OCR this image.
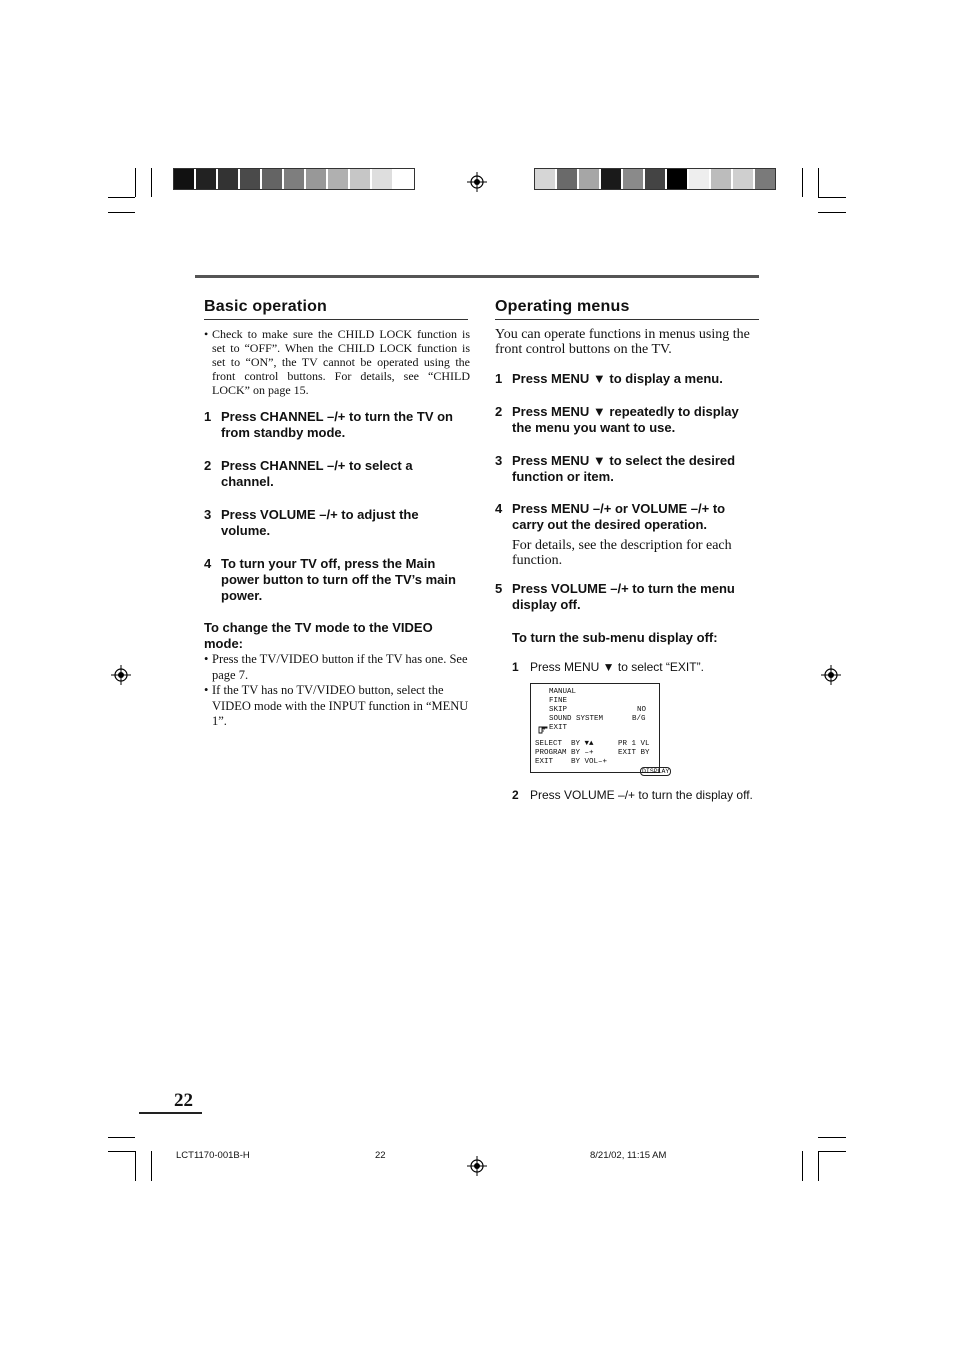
Basic operation
• Check to make sure the CHILD LOCK function is set to “OFF”. When the CHILD LOCK function is set to “ON”, the TV cannot be operated using the front control buttons. For details, see “CHILD LOCK” on page 15.
1 Press CHANNEL –/+ to turn the TV on from standby mode.
2 Press CHANNEL –/+ to select a channel.
3 Press VOLUME –/+ to adjust the volume.
4 To turn your TV off, press the Main power button to turn off the TV’s main power.
To change the TV mode to the VIDEO mode:
• Press the TV/VIDEO button if the TV has one. See page 7.
• If the TV has no TV/VIDEO button, select the VIDEO mode with the INPUT function in “MENU 1”.
Operating menus
You can operate functions in menus using the front control buttons on the TV.
1 Press MENU ▼ to display a menu.
2 Press MENU ▼ repeatedly to display the menu you want to use.
3 Press MENU ▼ to select the desired function or item.
4 Press MENU –/+ or VOLUME –/+ to carry out the desired operation.
For details, see the description for each function.
5 Press VOLUME –/+ to turn the menu display off.
To turn the sub-menu display off:
1 Press MENU ▼ to select “EXIT”.
MANUAL
FINE
SKIP	NO
SOUND SYSTEM	B/G
EXIT
SELECT  BY ▼▲	PR 1 VL
PROGRAM BY –+	EXIT BY
EXIT    BY VOL–+

DISPLAY

2 Press VOLUME –/+ to turn the display off.
22
LCT1170-001B-H	22	8/21/02, 11:15 AM
